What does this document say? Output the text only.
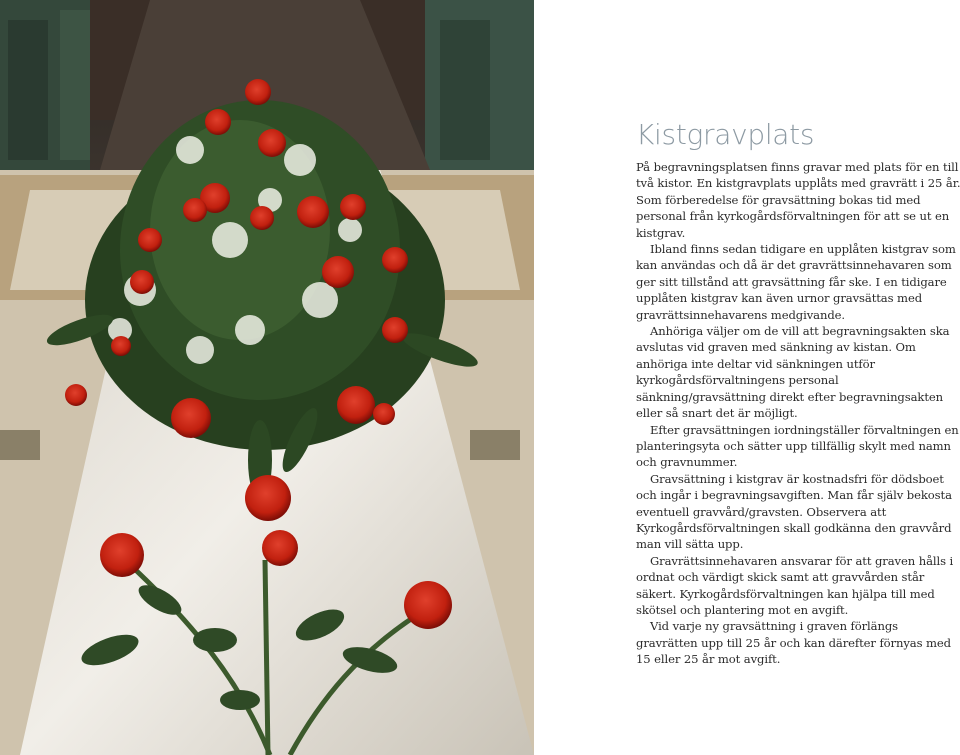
Kistgravplats

På begravningsplatsen finns gravar med plats för en till två kistor. En kistgravplats upplåts med gravrätt i 25 år. Som förberedelse för gravsättning bokas tid med personal från kyrkogårdsförvaltningen för att se ut en kistgrav.

Ibland finns sedan tidigare en upplåten kistgrav som kan användas och då är det gravrättsinnehavaren som ger sitt tillstånd att gravsättning får ske. I en tidigare upplåten kistgrav kan även urnor gravsättas med gravrättsinnehavarens medgivande.

Anhöriga väljer om de vill att begravningsakten ska avslutas vid graven med sänkning av kistan. Om anhöriga inte deltar vid sänkningen utför kyrkogårdsförvaltningens personal sänkning/gravsättning direkt efter begravningsakten eller så snart det är möjligt.

Efter gravsättningen iordningställer förvaltningen en planteringsyta och sätter upp tillfällig skylt med namn och gravnummer.

Gravsättning i kistgrav är kostnadsfri för dödsboet och ingår i begravningsavgiften. Man får själv bekosta eventuell gravvård/gravsten. Observera att Kyrkogårdsförvaltningen skall godkänna den gravvård man vill sätta upp.

Gravrättsinnehavaren ansvarar för att graven hålls i ordnat och värdigt skick samt att gravvården står säkert. Kyrkogårdsförvaltningen kan hjälpa till med skötsel och plantering mot en avgift.

Vid varje ny gravsättning i graven förlängs gravrätten upp till 25 år och kan därefter förnyas med 15 eller 25 år mot avgift.
